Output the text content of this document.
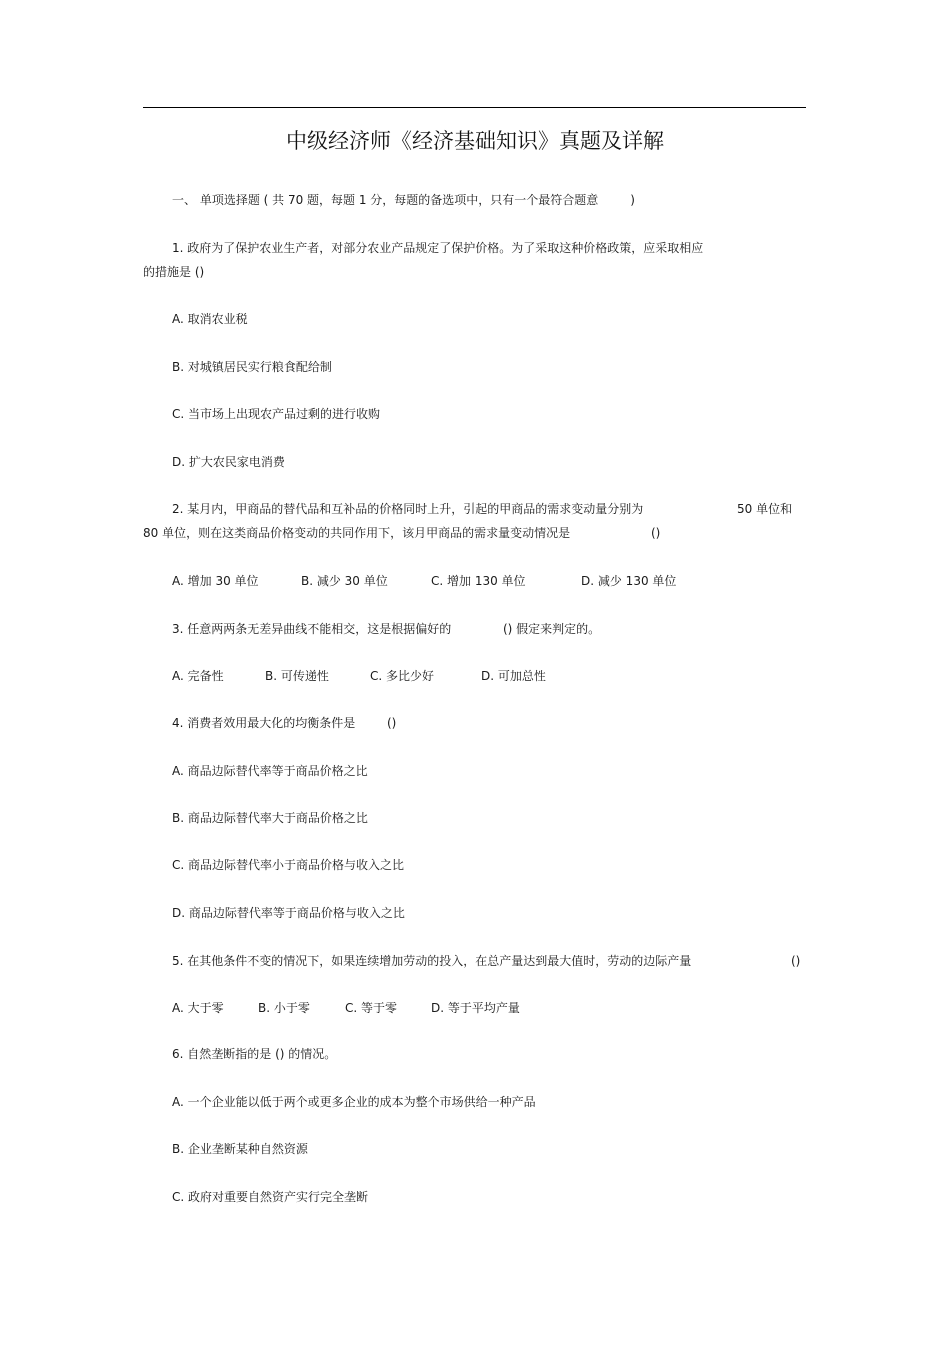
中级经济师《经济基础知识》真题及详解
一、 单项选择题 ( 共 70 题，每题 1 分，每题的备选项中，只有一个最符合题意	)
1. 政府为了保护农业生产者，对部分农业产品规定了保护价格。为了采取这种价格政策，应采取相应
的措施是 ()
A. 取消农业税
B. 对城镇居民实行粮食配给制
C. 当市场上出现农产品过剩的进行收购
D. 扩大农民家电消费
2. 某月内，甲商品的替代品和互补品的价格同时上升，引起的甲商品的需求变动量分别为	50 单位和
80 单位，则在这类商品价格变动的共同作用下，该月甲商品的需求量变动情况是	()
A. 增加 30 单位	B. 减少 30 单位	C. 增加 130 单位	D. 减少 130 单位
3. 任意两两条无差异曲线不能相交，这是根据偏好的	() 假定来判定的。
A. 完备性	B. 可传递性	C. 多比少好	D. 可加总性
4. 消费者效用最大化的均衡条件是	()
A. 商品边际替代率等于商品价格之比
B. 商品边际替代率大于商品价格之比
C. 商品边际替代率小于商品价格与收入之比
D. 商品边际替代率等于商品价格与收入之比
5. 在其他条件不变的情况下，如果连续增加劳动的投入，在总产量达到最大值时，劳动的边际产量	()
A. 大于零	B. 小于零	C. 等于零	D. 等于平均产量
6. 自然垄断指的是 () 的情况。
A. 一个企业能以低于两个或更多企业的成本为整个市场供给一种产品
B. 企业垄断某种自然资源
C. 政府对重要自然资产实行完全垄断
